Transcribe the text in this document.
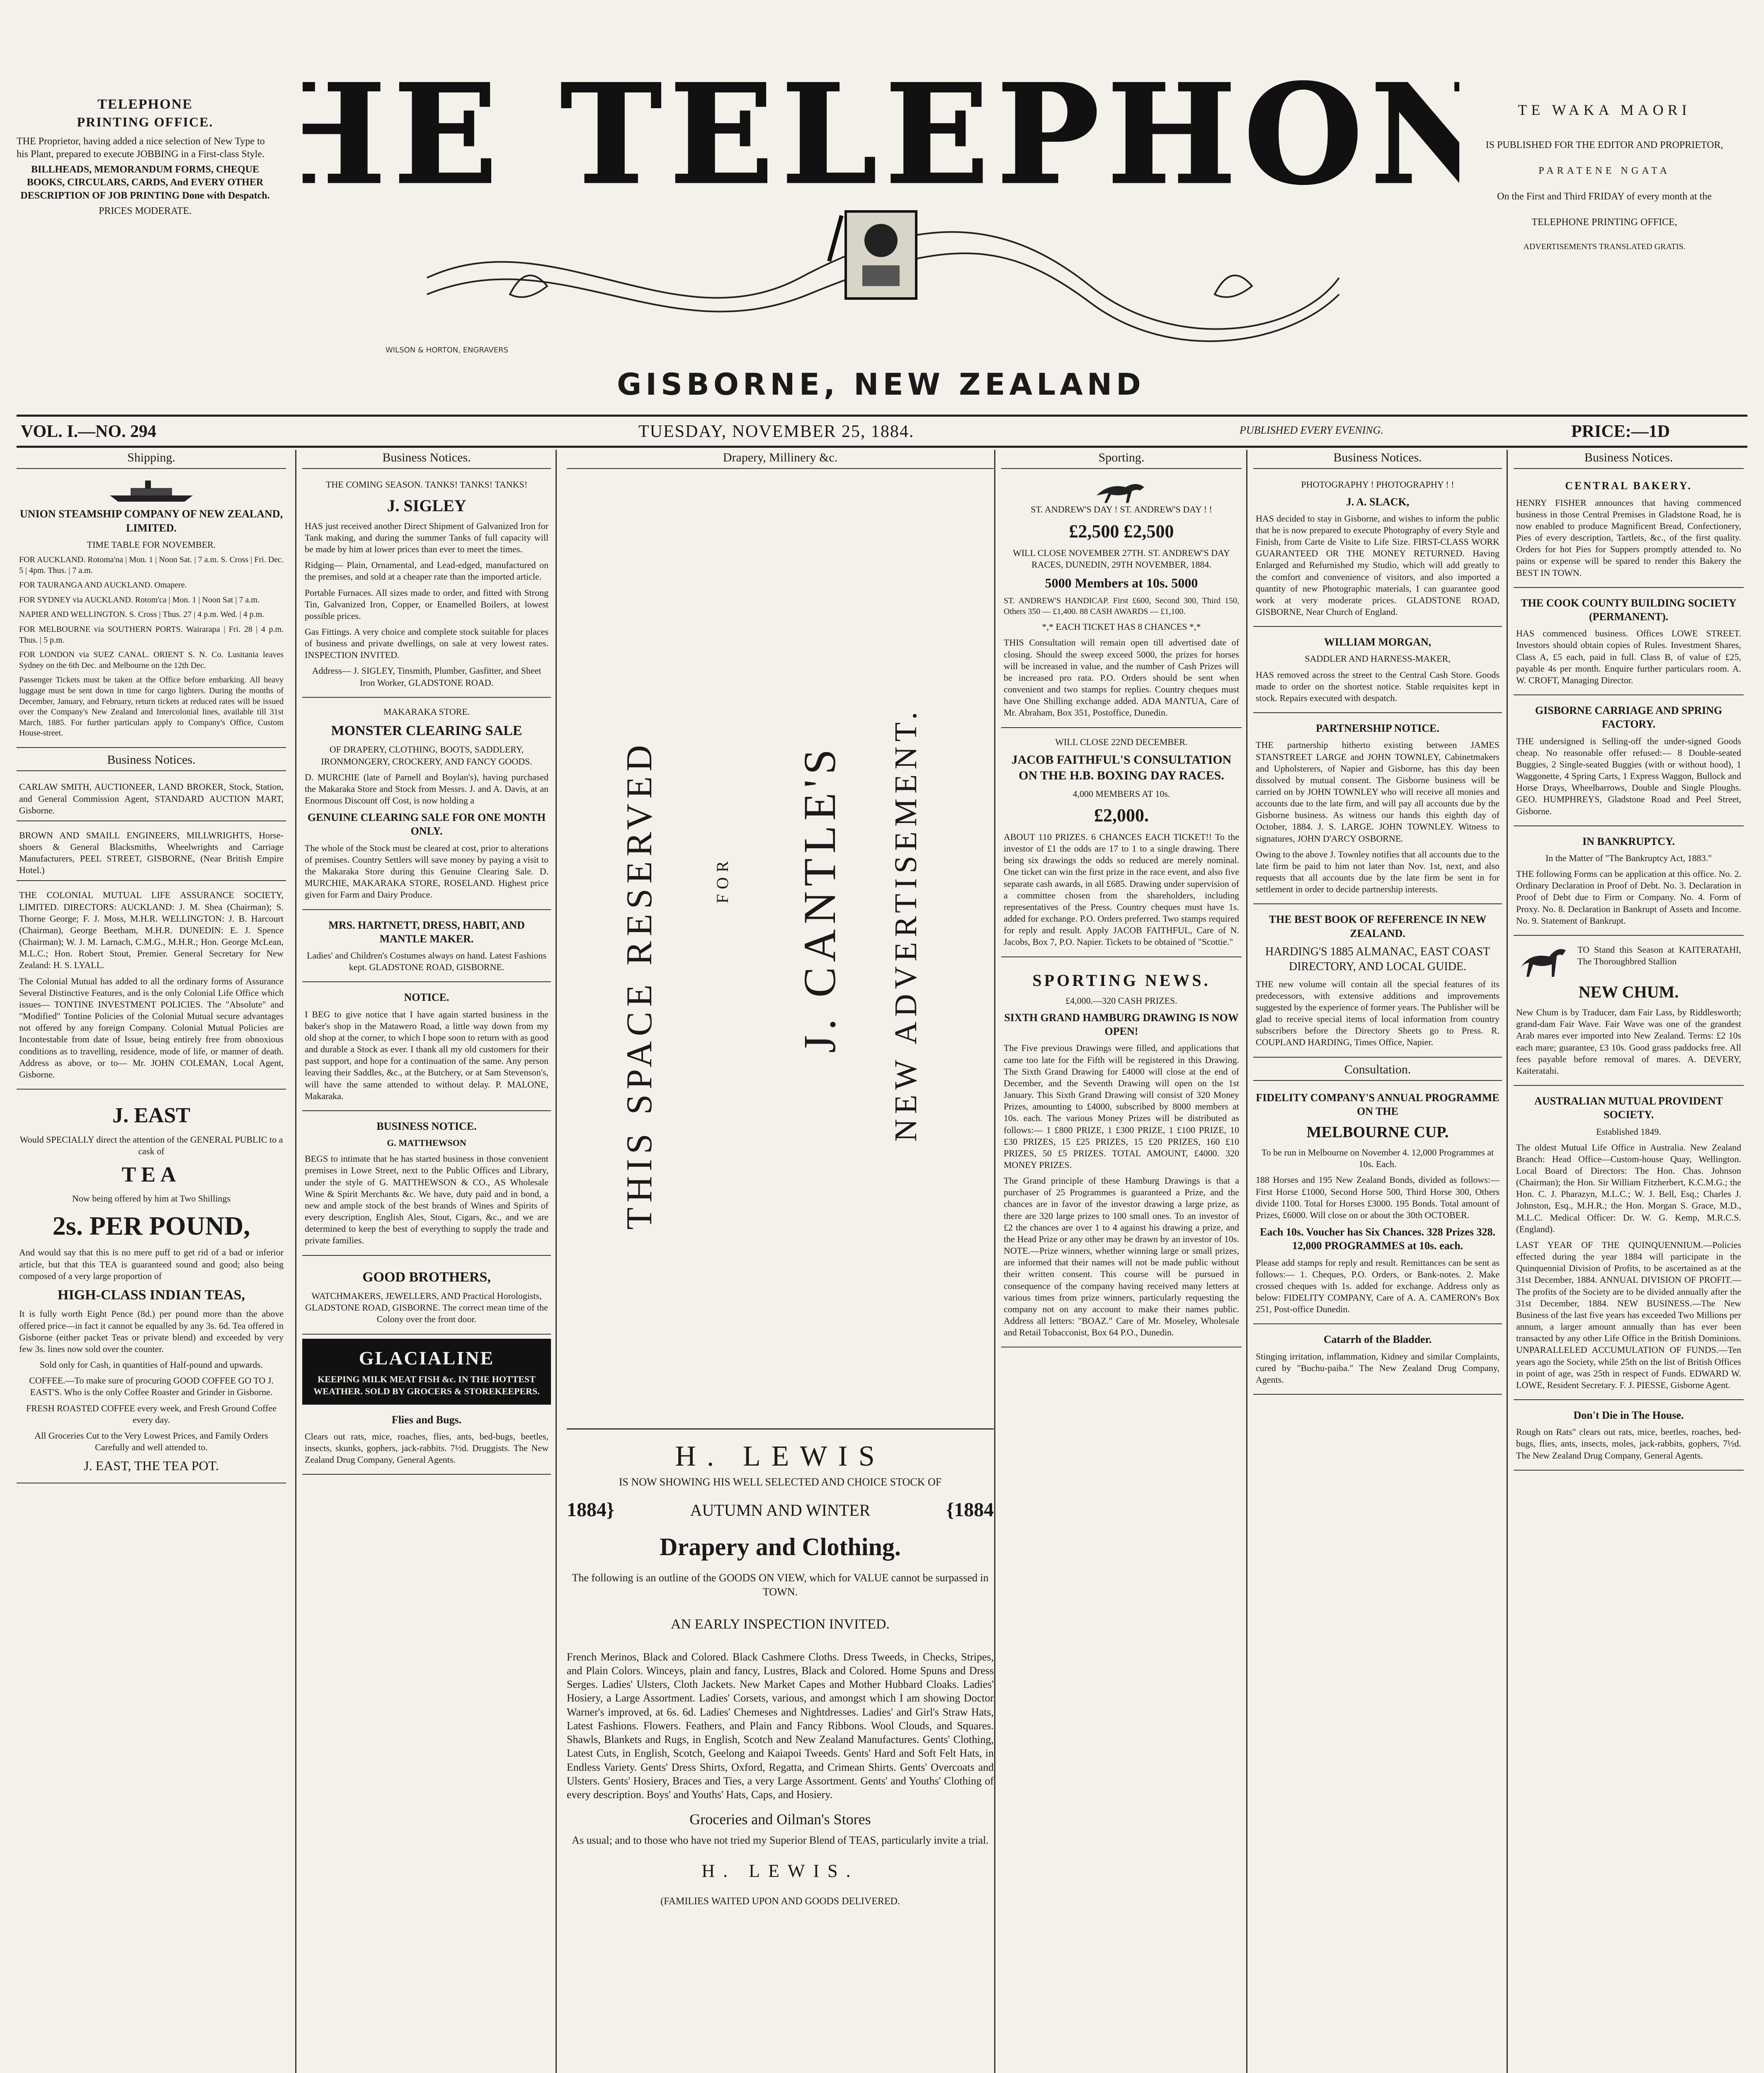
TELEPHONE
PRINTING OFFICE.

THE Proprietor, having added a nice selection of New Type to his Plant, prepared to execute JOBBING in a First-class Style.

BILLHEADS, MEMORANDUM FORMS, CHEQUE BOOKS, CIRCULARS, CARDS, And EVERY OTHER DESCRIPTION OF JOB PRINTING Done with Despatch.

PRICES MODERATE. HE TELEPHON
WILSON & HORTON, ENGRAVERS
GISBORNE, NEW ZEALAND
TE WAKA MAORI
IS PUBLISHED FOR THE EDITOR AND PROPRIETOR,
PARATENE NGATA
On the First and Third FRIDAY of every month at the
TELEPHONE PRINTING OFFICE,
ADVERTISEMENTS TRANSLATED GRATIS.
VOL. I.—NO. 294	TUESDAY, NOVEMBER 25, 1884.	PUBLISHED EVERY EVENING.	PRICE:—1D
Shipping.

UNION STEAMSHIP COMPANY OF NEW ZEALAND, LIMITED.

TIME TABLE FOR NOVEMBER.

FOR AUCKLAND. Rotoma'na | Mon. 1 | Noon Sat. | 7 a.m. S. Cross | Fri. Dec. 5 | 4pm. Thus. | 7 a.m.

FOR TAURANGA AND AUCKLAND. Omapere.

FOR SYDNEY via AUCKLAND. Rotom'ca | Mon. 1 | Noon Sat | 7 a.m.

NAPIER AND WELLINGTON. S. Cross | Thus. 27 | 4 p.m. Wed. | 4 p.m.

FOR MELBOURNE via SOUTHERN PORTS. Wairarapa | Fri. 28 | 4 p.m. Thus. | 5 p.m.

FOR LONDON via SUEZ CANAL. ORIENT S. N. Co. Lusitania leaves Sydney on the 6th Dec. and Melbourne on the 12th Dec.

Passenger Tickets must be taken at the Office before embarking. All heavy luggage must be sent down in time for cargo lighters. During the months of December, January, and February, return tickets at reduced rates will be issued over the Company's New Zealand and Intercolonial lines, available till 31st March, 1885. For further particulars apply to Company's Office, Custom House-street.

Business Notices.
CARLAW SMITH, AUCTIONEER, LAND BROKER, Stock, Station, and General Commission Agent, STANDARD AUCTION MART, Gisborne.
BROWN AND SMAILL ENGINEERS, MILLWRIGHTS, Horse-shoers & General Blacksmiths, Wheelwrights and Carriage Manufacturers, PEEL STREET, GISBORNE, (Near British Empire Hotel.)

THE COLONIAL MUTUAL LIFE ASSURANCE SOCIETY, LIMITED. DIRECTORS: AUCKLAND: J. M. Shea (Chairman); S. Thorne George; F. J. Moss, M.H.R. WELLINGTON: J. B. Harcourt (Chairman), George Beetham, M.H.R. DUNEDIN: E. J. Spence (Chairman); W. J. M. Larnach, C.M.G., M.H.R.; Hon. George McLean, M.L.C.; Hon. Robert Stout, Premier. General Secretary for New Zealand: H. S. LYALL.

The Colonial Mutual has added to all the ordinary forms of Assurance Several Distinctive Features, and is the only Colonial Life Office which issues— TONTINE INVESTMENT POLICIES. The "Absolute" and "Modified" Tontine Policies of the Colonial Mutual secure advantages not offered by any foreign Company. Colonial Mutual Policies are Incontestable from date of Issue, being entirely free from obnoxious conditions as to travelling, residence, mode of life, or manner of death. Address as above, or to— Mr. JOHN COLEMAN, Local Agent, Gisborne.

J. EAST

Would SPECIALLY direct the attention of the GENERAL PUBLIC to a cask of

TEA

Now being offered by him at Two Shillings

2s. PER POUND,

And would say that this is no mere puff to get rid of a bad or inferior article, but that this TEA is guaranteed sound and good; also being composed of a very large proportion of

HIGH-CLASS INDIAN TEAS,

It is fully worth Eight Pence (8d.) per pound more than the above offered price—in fact it cannot be equalled by any 3s. 6d. Tea offered in Gisborne (either packet Teas or private blend) and exceeded by very few 3s. lines now sold over the counter.

Sold only for Cash, in quantities of Half-pound and upwards.

COFFEE.—To make sure of procuring GOOD COFFEE GO TO J. EAST'S. Who is the only Coffee Roaster and Grinder in Gisborne.

FRESH ROASTED COFFEE every week, and Fresh Ground Coffee every day.

All Groceries Cut to the Very Lowest Prices, and Family Orders Carefully and well attended to.

J. EAST, THE TEA POT.

Business Notices.

THE COMING SEASON. TANKS! TANKS! TANKS!

J. SIGLEY

HAS just received another Direct Shipment of Galvanized Iron for Tank making, and during the summer Tanks of full capacity will be made by him at lower prices than ever to meet the times.

Ridging— Plain, Ornamental, and Lead-edged, manufactured on the premises, and sold at a cheaper rate than the imported article.

Portable Furnaces. All sizes made to order, and fitted with Strong Tin, Galvanized Iron, Copper, or Enamelled Boilers, at lowest possible prices.

Gas Fittings. A very choice and complete stock suitable for places of business and private dwellings, on sale at very lowest rates. INSPECTION INVITED.

Address— J. SIGLEY, Tinsmith, Plumber, Gasfitter, and Sheet Iron Worker, GLADSTONE ROAD.

MAKARAKA STORE.

MONSTER CLEARING SALE

OF DRAPERY, CLOTHING, BOOTS, SADDLERY, IRONMONGERY, CROCKERY, AND FANCY GOODS.

D. MURCHIE (late of Parnell and Boylan's), having purchased the Makaraka Store and Stock from Messrs. J. and A. Davis, at an Enormous Discount off Cost, is now holding a

GENUINE CLEARING SALE FOR ONE MONTH ONLY.

The whole of the Stock must be cleared at cost, prior to alterations of premises. Country Settlers will save money by paying a visit to the Makaraka Store during this Genuine Clearing Sale. D. MURCHIE, MAKARAKA STORE, ROSELAND. Highest price given for Farm and Dairy Produce.

MRS. HARTNETT, DRESS, HABIT, AND MANTLE MAKER.

Ladies' and Children's Costumes always on hand. Latest Fashions kept. GLADSTONE ROAD, GISBORNE.

NOTICE.

I BEG to give notice that I have again started business in the baker's shop in the Matawero Road, a little way down from my old shop at the corner, to which I hope soon to return with as good and durable a Stock as ever. I thank all my old customers for their past support, and hope for a continuation of the same. Any person leaving their Saddles, &c., at the Butchery, or at Sam Stevenson's, will have the same attended to without delay. P. MALONE, Makaraka.

BUSINESS NOTICE.

G. MATTHEWSON

BEGS to intimate that he has started business in those convenient premises in Lowe Street, next to the Public Offices and Library, under the style of G. MATTHEWSON & CO., AS Wholesale Wine & Spirit Merchants &c. We have, duty paid and in bond, a new and ample stock of the best brands of Wines and Spirits of every description, English Ales, Stout, Cigars, &c., and we are determined to keep the best of everything to supply the trade and private families.

GOOD BROTHERS,

WATCHMAKERS, JEWELLERS, AND Practical Horologists, GLADSTONE ROAD, GISBORNE. The correct mean time of the Colony over the front door.

GLACIALINE
KEEPING MILK MEAT FISH &c. IN THE HOTTEST WEATHER. SOLD BY GROCERS & STOREKEEPERS.

Flies and Bugs.

Clears out rats, mice, roaches, flies, ants, bed-bugs, beetles, insects, skunks, gophers, jack-rabbits. 7½d. Druggists. The New Zealand Drug Company, General Agents.

Drapery, Millinery &c.
THIS SPACE RESERVED	FOR J. CANTLE'S NEW ADVERTISEMENT.
H. LEWIS

IS NOW SHOWING HIS WELL SELECTED AND CHOICE STOCK OF

1884}	AUTUMN AND WINTER	{1884
Drapery and Clothing.

The following is an outline of the GOODS ON VIEW, which for VALUE cannot be surpassed in TOWN.

AN EARLY INSPECTION INVITED.

French Merinos, Black and Colored. Black Cashmere Cloths. Dress Tweeds, in Checks, Stripes, and Plain Colors. Winceys, plain and fancy, Lustres, Black and Colored. Home Spuns and Dress Serges. Ladies' Ulsters, Cloth Jackets. New Market Capes and Mother Hubbard Cloaks. Ladies' Hosiery, a Large Assortment. Ladies' Corsets, various, and amongst which I am showing Doctor Warner's improved, at 6s. 6d. Ladies' Chemeses and Nightdresses. Ladies' and Girl's Straw Hats, Latest Fashions. Flowers. Feathers, and Plain and Fancy Ribbons. Wool Clouds, and Squares. Shawls, Blankets and Rugs, in English, Scotch and New Zealand Manufactures. Gents' Clothing, Latest Cuts, in English, Scotch, Geelong and Kaiapoi Tweeds. Gents' Hard and Soft Felt Hats, in Endless Variety. Gents' Dress Shirts, Oxford, Regatta, and Crimean Shirts. Gents' Overcoats and Ulsters. Gents' Hosiery, Braces and Ties, a very Large Assortment. Gents' and Youths' Clothing of every description. Boys' and Youths' Hats, Caps, and Hosiery.

Groceries and Oilman's Stores

As usual; and to those who have not tried my Superior Blend of TEAS, particularly invite a trial.

H. LEWIS.

(FAMILIES WAITED UPON AND GOODS DELIVERED.

Sporting.

ST. ANDREW'S DAY ! ST. ANDREW'S DAY ! !

£2,500 £2,500

WILL CLOSE NOVEMBER 27TH. ST. ANDREW'S DAY RACES, DUNEDIN, 29TH NOVEMBER, 1884.

5000 Members at 10s. 5000

ST. ANDREW'S HANDICAP. First £600, Second 300, Third 150, Others 350 — £1,400. 88 CASH AWARDS — £1,100.

*,* EACH TICKET HAS 8 CHANCES *,*

THIS Consultation will remain open till advertised date of closing. Should the sweep exceed 5000, the prizes for horses will be increased in value, and the number of Cash Prizes will be increased pro rata. P.O. Orders should be sent when convenient and two stamps for replies. Country cheques must have One Shilling exchange added. ADA MANTUA, Care of Mr. Abraham, Box 351, Postoffice, Dunedin.

WILL CLOSE 22ND DECEMBER.

JACOB FAITHFUL'S CONSULTATION ON THE H.B. BOXING DAY RACES.

4,000 MEMBERS AT 10s.

£2,000.

ABOUT 110 PRIZES. 6 CHANCES EACH TICKET!! To the investor of £1 the odds are 17 to 1 to a single drawing. There being six drawings the odds so reduced are merely nominal. One ticket can win the first prize in the race event, and also five separate cash awards, in all £685. Drawing under supervision of a committee chosen from the shareholders, including representatives of the Press. Country cheques must have 1s. added for exchange. P.O. Orders preferred. Two stamps required for reply and result. Apply JACOB FAITHFUL, Care of N. Jacobs, Box 7, P.O. Napier. Tickets to be obtained of "Scottie."

SPORTING NEWS.

£4,000.—320 CASH PRIZES.

SIXTH GRAND HAMBURG DRAWING IS NOW OPEN!

The Five previous Drawings were filled, and applications that came too late for the Fifth will be registered in this Drawing. The Sixth Grand Drawing for £4000 will close at the end of December, and the Seventh Drawing will open on the 1st January. This Sixth Grand Drawing will consist of 320 Money Prizes, amounting to £4000, subscribed by 8000 members at 10s. each. The various Money Prizes will be distributed as follows:— 1 £800 PRIZE, 1 £300 PRIZE, 1 £100 PRIZE, 10 £30 PRIZES, 15 £25 PRIZES, 15 £20 PRIZES, 160 £10 PRIZES, 50 £5 PRIZES. TOTAL AMOUNT, £4000. 320 MONEY PRIZES.

The Grand principle of these Hamburg Drawings is that a purchaser of 25 Programmes is guaranteed a Prize, and the chances are in favor of the investor drawing a large prize, as there are 320 large prizes to 100 small ones. To an investor of £2 the chances are over 1 to 4 against his drawing a prize, and the Head Prize or any other may be drawn by an investor of 10s. NOTE.—Prize winners, whether winning large or small prizes, are informed that their names will not be made public without their written consent. This course will be pursued in consequence of the company having received many letters at various times from prize winners, particularly requesting the company not on any account to make their names public. Address all letters: "BOAZ." Care of Mr. Moseley, Wholesale and Retail Tobacconist, Box 64 P.O., Dunedin.

Business Notices.

PHOTOGRAPHY ! PHOTOGRAPHY ! !

J. A. SLACK,

HAS decided to stay in Gisborne, and wishes to inform the public that he is now prepared to execute Photography of every Style and Finish, from Carte de Visite to Life Size. FIRST-CLASS WORK GUARANTEED OR THE MONEY RETURNED. Having Enlarged and Refurnished my Studio, which will add greatly to the comfort and convenience of visitors, and also imported a quantity of new Photographic materials, I can guarantee good work at very moderate prices. GLADSTONE ROAD, GISBORNE, Near Church of England.

WILLIAM MORGAN,

SADDLER AND HARNESS-MAKER,

HAS removed across the street to the Central Cash Store. Goods made to order on the shortest notice. Stable requisites kept in stock. Repairs executed with despatch.

PARTNERSHIP NOTICE.

THE partnership hitherto existing between JAMES STANSTREET LARGE and JOHN TOWNLEY, Cabinetmakers and Upholsterers, of Napier and Gisborne, has this day been dissolved by mutual consent. The Gisborne business will be carried on by JOHN TOWNLEY who will receive all monies and accounts due to the late firm, and will pay all accounts due by the Gisborne business. As witness our hands this eighth day of October, 1884. J. S. LARGE. JOHN TOWNLEY. Witness to signatures, JOHN D'ARCY OSBORNE.

Owing to the above J. Townley notifies that all accounts due to the late firm be paid to him not later than Nov. 1st, next, and also requests that all accounts due by the late firm be sent in for settlement in order to decide partnership interests.

THE BEST BOOK OF REFERENCE IN NEW ZEALAND.

HARDING'S 1885 ALMANAC, EAST COAST DIRECTORY, AND LOCAL GUIDE.

THE new volume will contain all the special features of its predecessors, with extensive additions and improvements suggested by the experience of former years. The Publisher will be glad to receive special items of local information from country subscribers before the Directory Sheets go to Press. R. COUPLAND HARDING, Times Office, Napier.

Consultation.

FIDELITY COMPANY'S ANNUAL PROGRAMME ON THE

MELBOURNE CUP.

To be run in Melbourne on November 4. 12,000 Programmes at 10s. Each.

188 Horses and 195 New Zealand Bonds, divided as follows:— First Horse £1000, Second Horse 500, Third Horse 300, Others divide 1100. Total for Horses £3000. 195 Bonds. Total amount of Prizes, £6000. Will close on or about the 30th OCTOBER.

Each 10s. Voucher has Six Chances. 328 Prizes 328. 12,000 PROGRAMMES at 10s. each.

Please add stamps for reply and result. Remittances can be sent as follows:— 1. Cheques, P.O. Orders, or Bank-notes. 2. Make crossed cheques with 1s. added for exchange. Address only as below: FIDELITY COMPANY, Care of A. A. CAMERON's Box 251, Post-office Dunedin.

Catarrh of the Bladder.

Stinging irritation, inflammation, Kidney and similar Complaints, cured by "Buchu-paiba." The New Zealand Drug Company, Agents.

Business Notices.

CENTRAL BAKERY.

HENRY FISHER announces that having commenced business in those Central Premises in Gladstone Road, he is now enabled to produce Magnificent Bread, Confectionery, Pies of every description, Tartlets, &c., of the first quality. Orders for hot Pies for Suppers promptly attended to. No pains or expense will be spared to render this Bakery the BEST IN TOWN.

THE COOK COUNTY BUILDING SOCIETY (PERMANENT).

HAS commenced business. Offices LOWE STREET. Investors should obtain copies of Rules. Investment Shares, Class A, £5 each, paid in full. Class B, of value of £25, payable 4s per month. Enquire further particulars room. A. W. CROFT, Managing Director.

GISBORNE CARRIAGE AND SPRING FACTORY.

THE undersigned is Selling-off the under-signed Goods cheap. No reasonable offer refused:— 8 Double-seated Buggies, 2 Single-seated Buggies (with or without hood), 1 Waggonette, 4 Spring Carts, 1 Express Waggon, Bullock and Horse Drays, Wheelbarrows, Double and Single Ploughs. GEO. HUMPHREYS, Gladstone Road and Peel Street, Gisborne.

IN BANKRUPTCY.

In the Matter of "The Bankruptcy Act, 1883."

THE following Forms can be application at this office. No. 2. Ordinary Declaration in Proof of Debt. No. 3. Declaration in Proof of Debt due to Firm or Company. No. 4. Form of Proxy. No. 8. Declaration in Bankrupt of Assets and Income. No. 9. Statement of Bankrupt.

TO Stand this Season at KAITERATAHI, The Thoroughbred Stallion

NEW CHUM.

New Chum is by Traducer, dam Fair Lass, by Riddlesworth; grand-dam Fair Wave. Fair Wave was one of the grandest Arab mares ever imported into New Zealand. Terms: £2 10s each mare; guarantee, £3 10s. Good grass paddocks free. All fees payable before removal of mares. A. DEVERY, Kaiteratahi.

AUSTRALIAN MUTUAL PROVIDENT SOCIETY.

Established 1849.

The oldest Mutual Life Office in Australia. New Zealand Branch: Head Office—Custom-house Quay, Wellington. Local Board of Directors: The Hon. Chas. Johnson (Chairman); the Hon. Sir William Fitzherbert, K.C.M.G.; the Hon. C. J. Pharazyn, M.L.C.; W. J. Bell, Esq.; Charles J. Johnston, Esq., M.H.R.; the Hon. Morgan S. Grace, M.D., M.L.C. Medical Officer: Dr. W. G. Kemp, M.R.C.S. (England).

LAST YEAR OF THE QUINQUENNIUM.—Policies effected during the year 1884 will participate in the Quinquennial Division of Profits, to be ascertained as at the 31st December, 1884. ANNUAL DIVISION OF PROFIT.—The profits of the Society are to be divided annually after the 31st December, 1884. NEW BUSINESS.—The New Business of the last five years has exceeded Two Millions per annum, a larger amount annually than has ever been transacted by any other Life Office in the British Dominions. UNPARALLELED ACCUMULATION OF FUNDS.—Ten years ago the Society, while 25th on the list of British Offices in point of age, was 25th in respect of Funds. EDWARD W. LOWE, Resident Secretary. F. J. PIESSE, Gisborne Agent.

Don't Die in The House.

Rough on Rats" clears out rats, mice, beetles, roaches, bed-bugs, flies, ants, insects, moles, jack-rabbits, gophers, 7½d. The New Zealand Drug Company, General Agents.
